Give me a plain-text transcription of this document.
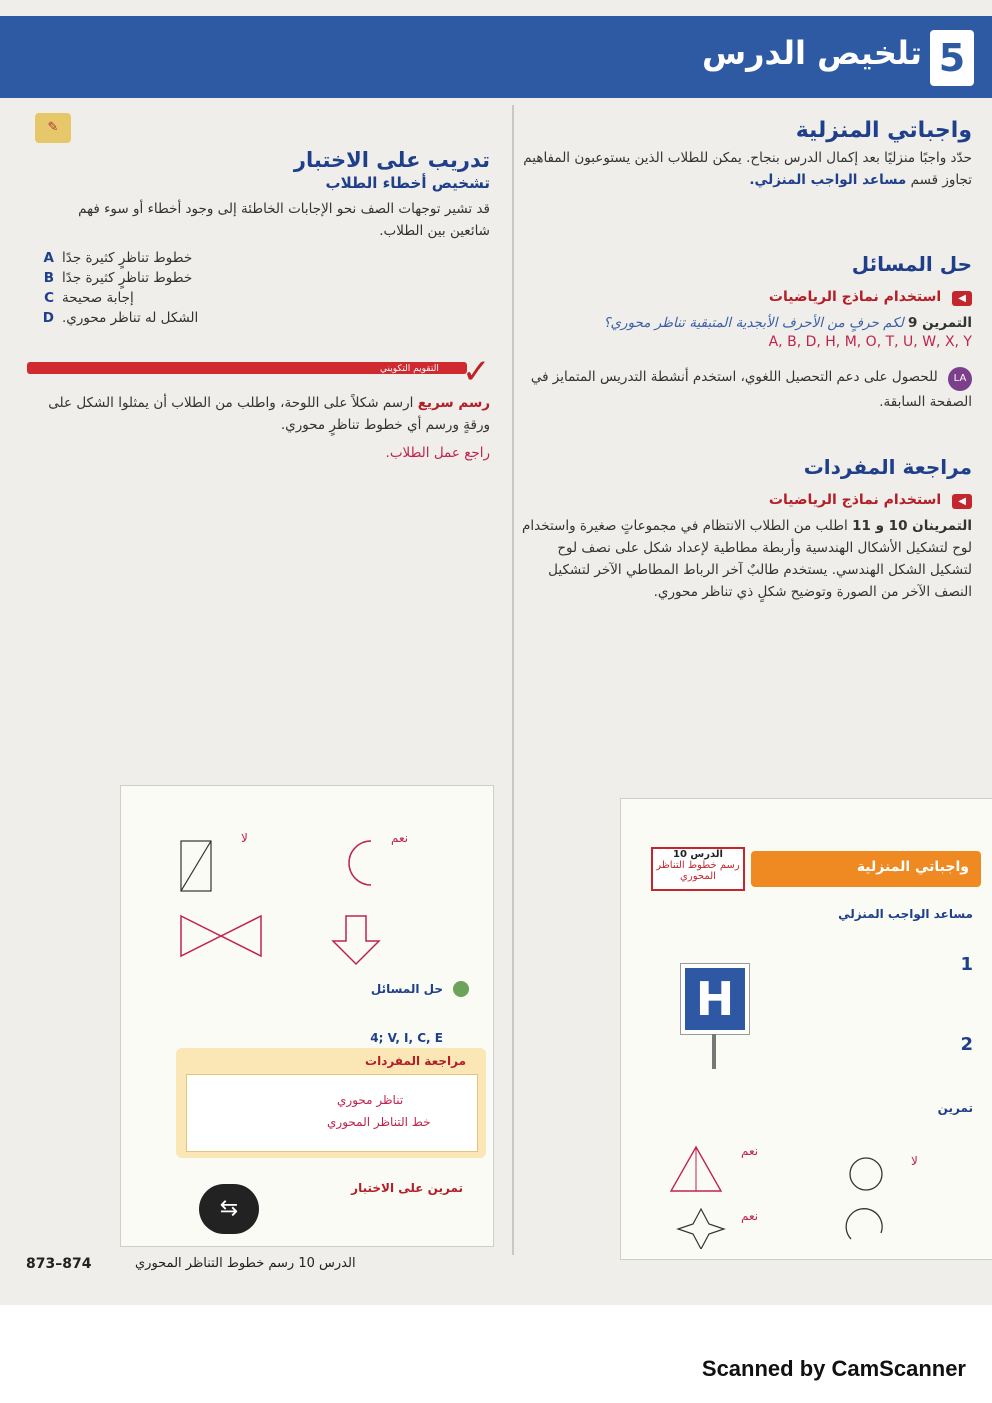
5
تلخيص الدرس
واجباتي المنزلية
حدّد واجبًا منزليًا بعد إكمال الدرس بنجاح. يمكن للطلاب الذين يستوعبون المفاهيم تجاوز قسم مساعد الواجب المنزلي.
حل المسائل
◀ استخدام نماذج الرياضيات
التمرين 9 لكم حرفٍ من الأحرف الأبجدية المتبقية تناظر محوري؟
A, B, D, H, M, O, T, U, W, X, Y
LA للحصول على دعم التحصيل اللغوي، استخدم أنشطة التدريس المتمايز في الصفحة السابقة.
مراجعة المفردات
◀ استخدام نماذج الرياضيات
التمرينان 10 و 11 اطلب من الطلاب الانتظام في مجموعاتٍ صغيرة واستخدام لوح لتشكيل الأشكال الهندسية وأربطة مطاطية لإعداد شكل على نصف لوح لتشكيل الشكل الهندسي. يستخدم طالبٌ آخر الرباط المطاطي الآخر لتشكيل النصف الآخر من الصورة وتوضيح شكلٍ ذي تناظر محوري.
✎
تدريب على الاختبار
تشخيص أخطاء الطلاب
قد تشير توجهات الصف نحو الإجابات الخاطئة إلى وجود أخطاء أو سوء فهم شائعين بين الطلاب.
A خطوط تناظرٍ كثيرة جدًا
B خطوط تناظرٍ كثيرة جدًا
C إجابة صحيحة
D الشكل له تناظر محوري.
التقويم التكويني ✓
رسم سريع ارسم شكلاً على اللوحة، واطلب من الطلاب أن يمثلوا الشكل على ورقةٍ ورسم أي خطوط تناظرٍ محوري.
راجع عمل الطلاب.
لا	نعم
حل المسائل
4; V, I, C, E
مراجعة المفردات
تناظر محوري
خط التناظر المحوري
تمرين على الاختبار
⇆
الدرس 10
رسم خطوط التناظر المحوري
واجباتي المنزلية
مساعد الواجب المنزلي
H
1
2
تمرين
نعم
لا
نعم
873–874	الدرس 10 رسم خطوط التناظر المحوري
Scanned by CamScanner
